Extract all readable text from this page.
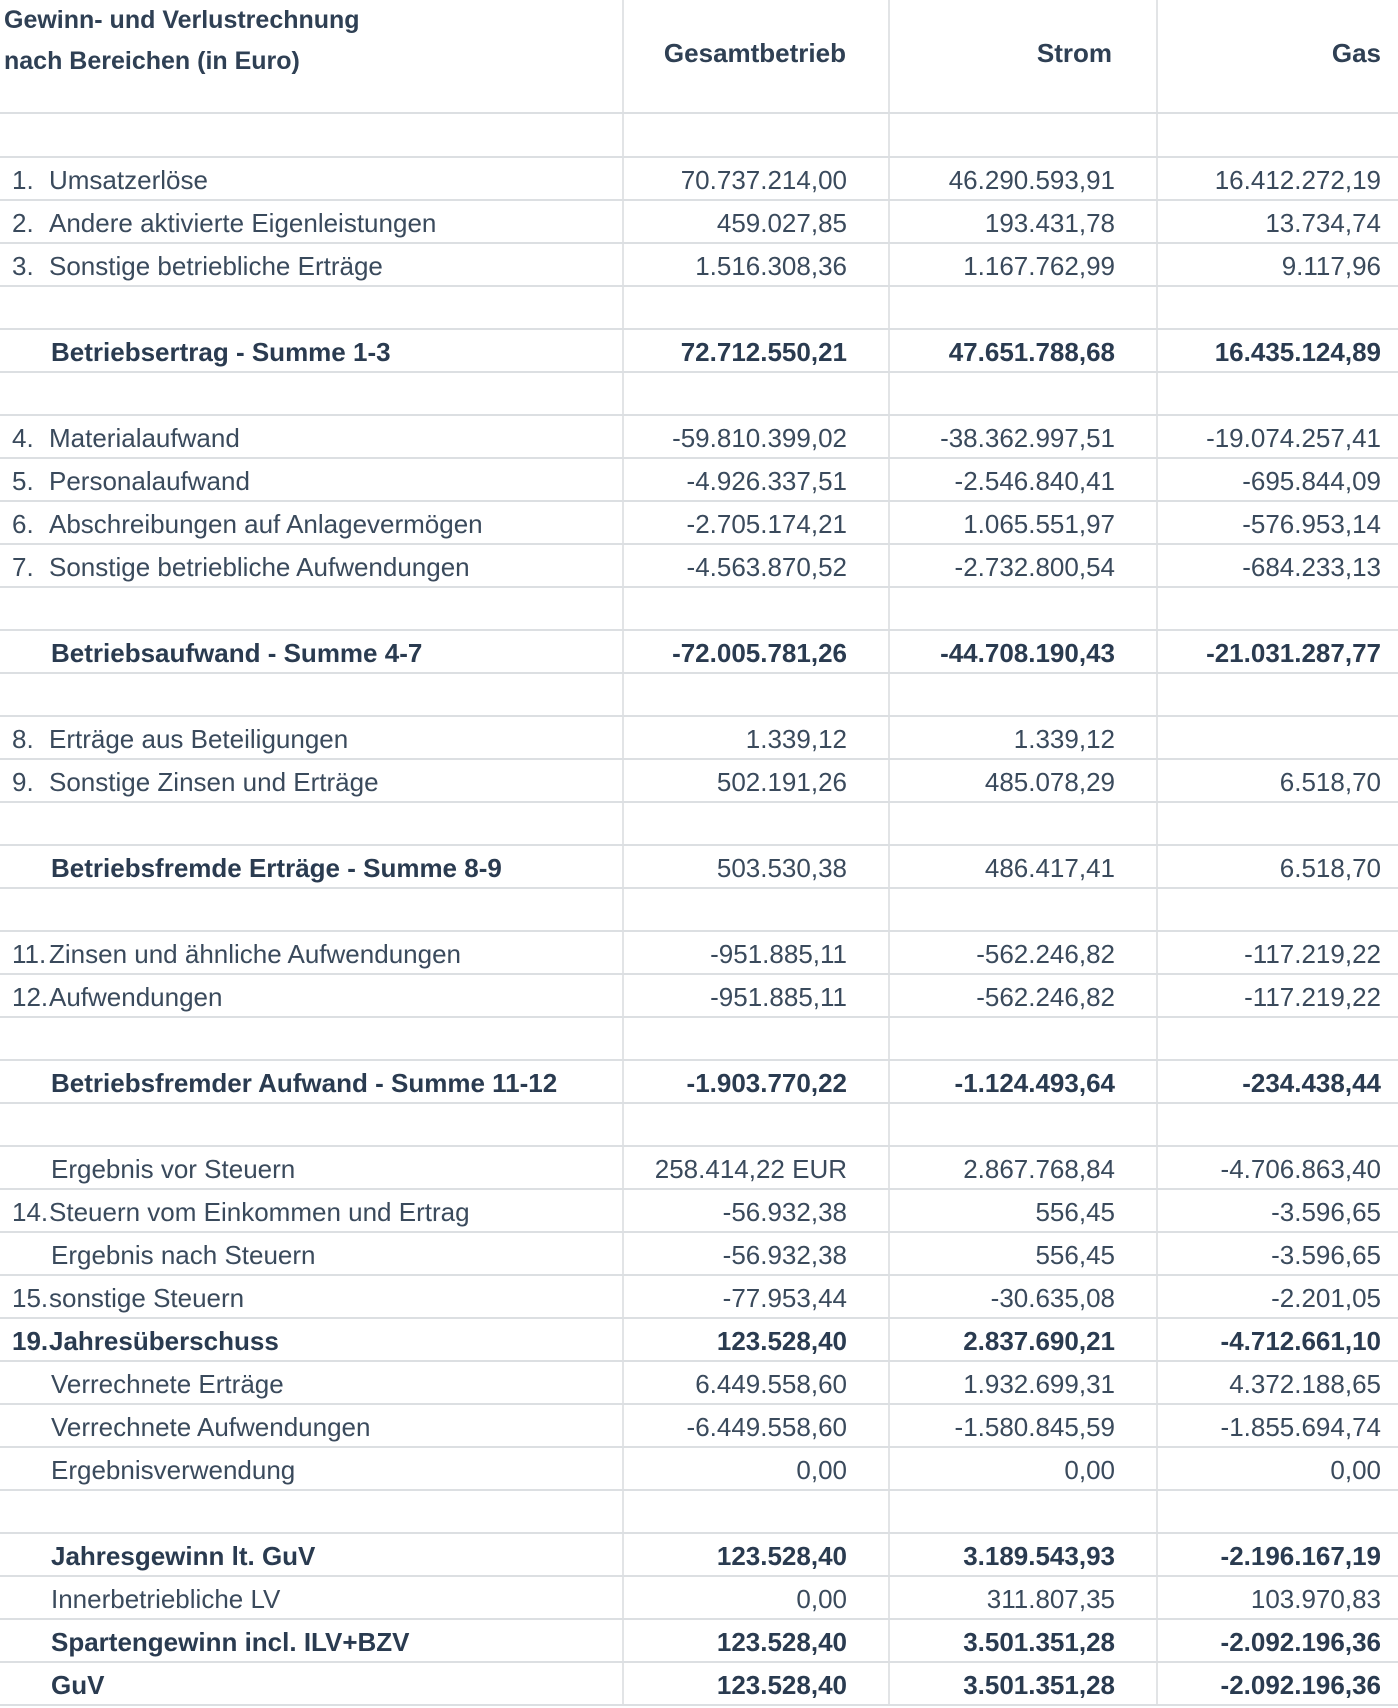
Gewinn- und Verlustrechnung
nach Bereichen (in Euro)	Gesamtbetrieb	Strom	Gas
1. Umsatzerlöse	70.737.214,00	46.290.593,91	16.412.272,19
2. Andere aktivierte Eigenleistungen	459.027,85	193.431,78	13.734,74
3. Sonstige betriebliche Erträge	1.516.308,36	1.167.762,99	9.117,96
Betriebsertrag - Summe 1-3	72.712.550,21	47.651.788,68	16.435.124,89
4. Materialaufwand	-59.810.399,02	-38.362.997,51	-19.074.257,41
5. Personalaufwand	-4.926.337,51	-2.546.840,41	-695.844,09
6. Abschreibungen auf Anlagevermögen	-2.705.174,21	1.065.551,97	-576.953,14
7. Sonstige betriebliche Aufwendungen	-4.563.870,52	-2.732.800,54	-684.233,13
Betriebsaufwand - Summe 4-7	-72.005.781,26	-44.708.190,43	-21.031.287,77
8. Erträge aus Beteiligungen	1.339,12	1.339,12
9. Sonstige Zinsen und Erträge	502.191,26	485.078,29	6.518,70
Betriebsfremde Erträge - Summe 8-9	503.530,38	486.417,41	6.518,70
11. Zinsen und ähnliche Aufwendungen	-951.885,11	-562.246,82	-117.219,22
12. Aufwendungen	-951.885,11	-562.246,82	-117.219,22
Betriebsfremder Aufwand - Summe 11-12	-1.903.770,22	-1.124.493,64	-234.438,44
Ergebnis vor Steuern	258.414,22 EUR	2.867.768,84	-4.706.863,40
14. Steuern vom Einkommen und Ertrag	-56.932,38	556,45	-3.596,65
Ergebnis nach Steuern	-56.932,38	556,45	-3.596,65
15. sonstige Steuern	-77.953,44	-30.635,08	-2.201,05
19. Jahresüberschuss	123.528,40	2.837.690,21	-4.712.661,10
Verrechnete Erträge	6.449.558,60	1.932.699,31	4.372.188,65
Verrechnete Aufwendungen	-6.449.558,60	-1.580.845,59	-1.855.694,74
Ergebnisverwendung	0,00	0,00	0,00
Jahresgewinn lt. GuV	123.528,40	3.189.543,93	-2.196.167,19
Innerbetriebliche LV	0,00	311.807,35	103.970,83
Spartengewinn incl. ILV+BZV	123.528,40	3.501.351,28	-2.092.196,36
GuV	123.528,40	3.501.351,28	-2.092.196,36
